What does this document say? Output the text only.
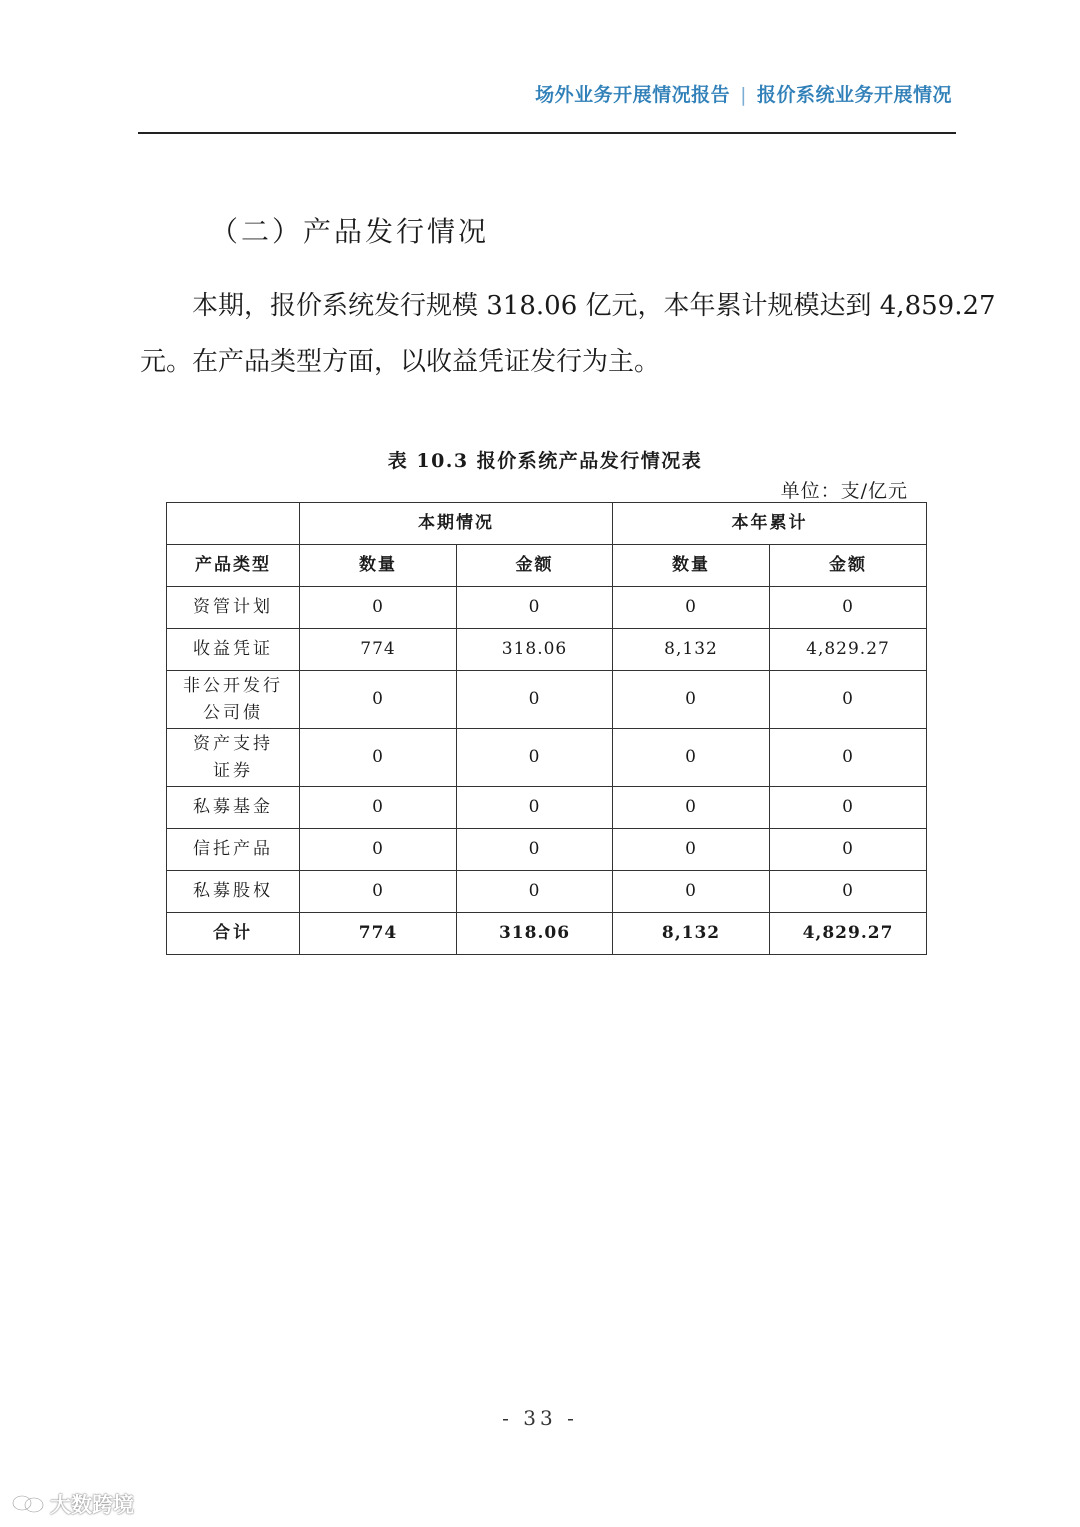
场外业务开展情况报告 | 报价系统业务开展情况
（二）产品发行情况

本期，报价系统发行规模 318.06 亿元，本年累计规模达到 4,859.27
元。在产品类型方面，以收益凭证发行为主。

表 10.3 报价系统产品发行情况表
单位：支/亿元
	本期情况		本年累计	
产品类型	数量	金额	数量	金额
资管计划	0	0	0	0
收益凭证	774	318.06	8,132	4,829.27
非公开发行
公司债	0	0	0	0
资产支持
证券	0	0	0	0
私募基金	0	0	0	0
信托产品	0	0	0	0
私募股权	0	0	0	0
合计	774	318.06	8,132	4,829.27
- 33 -
大数跨境
